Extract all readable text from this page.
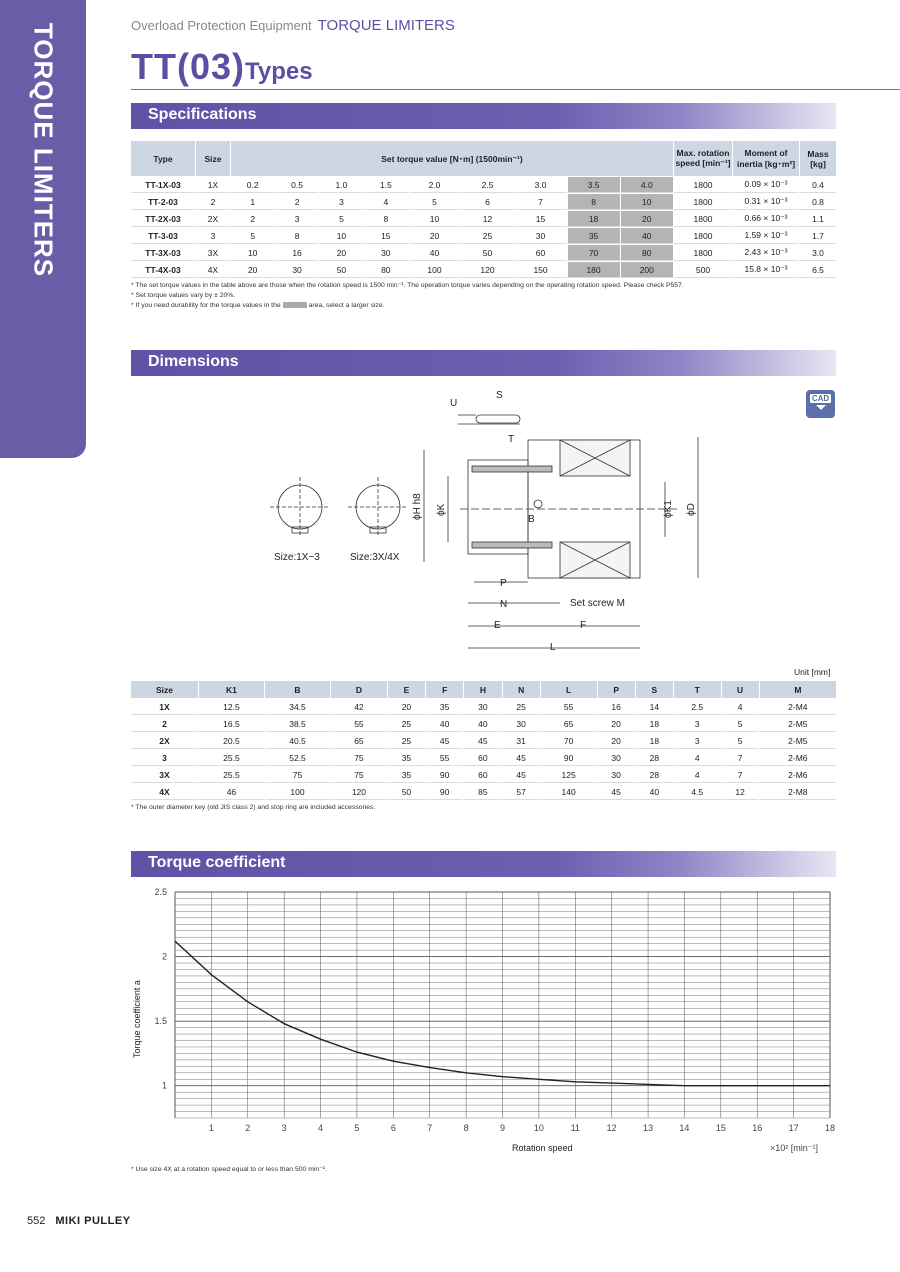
TORQUE LIMITERS	Overload Protection Equipment TORQUE LIMITERS
TT(03)Types
Specifications
Type	Size	Set torque value [N･m] (1500min⁻¹)									Max. rotation speed [min⁻¹]	Moment of inertia [kg･m²]	Mass [kg]
TT-1X-03	1X	0.2	0.5	1.0	1.5	2.0	2.5	3.0	3.5	4.0	1800	0.09 × 10⁻³	0.4
TT-2-03	2	1	2	3	4	5	6	7	8	10	1800	0.31 × 10⁻³	0.8
TT-2X-03	2X	2	3	5	8	10	12	15	18	20	1800	0.66 × 10⁻³	1.1
TT-3-03	3	5	8	10	15	20	25	30	35	40	1800	1.59 × 10⁻³	1.7
TT-3X-03	3X	10	16	20	30	40	50	60	70	80	1800	2.43 × 10⁻³	3.0
TT-4X-03	4X	20	30	50	80	100	120	150	180	200	500	15.8 × 10⁻³	6.5
* The set torque values in the table above are those when the rotation speed is 1500 min⁻¹. The operation torque varies depending on the operating rotation speed. Please check P557.
* Set torque values vary by ± 20%.
* If you need durability for the torque values in the	area, select a larger size.
Dimensions
CAD
Size:1X~3	Size:3X/4X
S
U
T
B
P
N
E	F
L
Set screw M
ϕH h8 ϕK	ϕK1 ϕD
Unit [mm]
Size	K1	B	D	E	F	H	N	L	P	S	T	U	M
1X	12.5	34.5	42	20	35	30	25	55	16	14	2.5	4	2-M4
2	16.5	38.5	55	25	40	40	30	65	20	18	3	5	2-M5
2X	20.5	40.5	65	25	45	45	31	70	20	18	3	5	2-M5
3	25.5	52.5	75	35	55	60	45	90	30	28	4	7	2-M6
3X	25.5	75	75	35	90	60	45	125	30	28	4	7	2-M6
4X	46	100	120	50	90	85	57	140	45	40	4.5	12	2-M8
* The outer diameter key (old JIS class 2) and stop ring are included accessories.
Torque coefficient
1	2	3	4	5	6	7	8	9	10	11	12	13	14	15	16	17	18
1
1.5
2
2.5
Rotation speed	×10² [min⁻¹]
Torque coefficient a
* Use size 4X at a rotation speed equal to or less than 500 min⁻¹.
552 MIKI PULLEY
